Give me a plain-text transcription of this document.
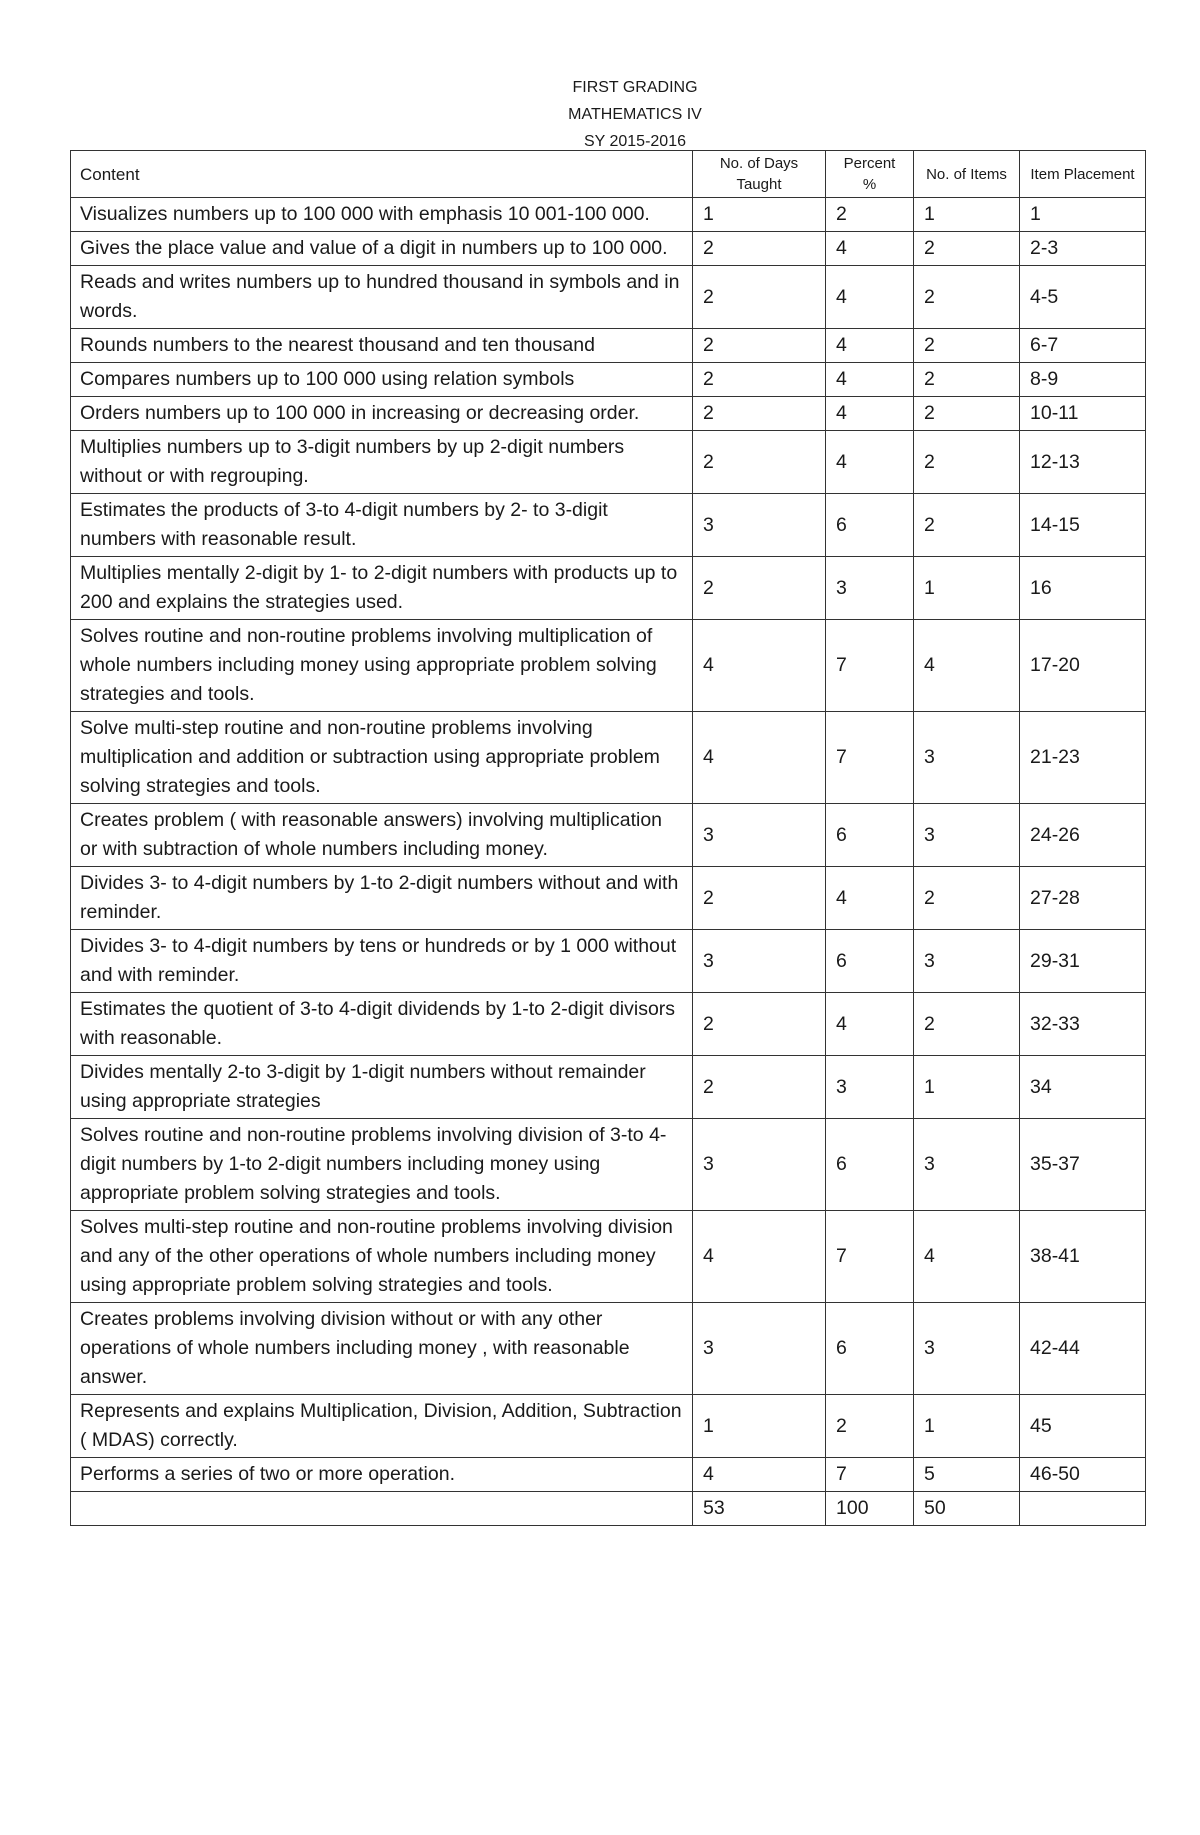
FIRST GRADING
MATHEMATICS IV
SY 2015-2016
Content	No. of Days Taught	Percent %	No. of Items	Item Placement
Visualizes numbers up to 100 000 with emphasis 10 001-100 000.	1	2	1	1
Gives the place value and value of a digit in numbers up to 100 000.	2	4	2	2-3
Reads and writes numbers up to hundred thousand in symbols and in words.	2	4	2	4-5
Rounds numbers to the nearest thousand and ten thousand	2	4	2	6-7
Compares numbers up to 100 000 using relation symbols	2	4	2	8-9
Orders numbers up to 100 000 in increasing or decreasing order.	2	4	2	10-11
Multiplies numbers up to 3-digit numbers by up 2-digit numbers without or with regrouping.	2	4	2	12-13
Estimates the products of 3-to 4-digit numbers by 2- to 3-digit numbers with reasonable result.	3	6	2	14-15
Multiplies mentally 2-digit by 1- to 2-digit numbers with products up to 200 and explains the strategies used.	2	3	1	16
Solves routine and non-routine problems involving multiplication of whole numbers including money using appropriate problem solving strategies and tools.	4	7	4	17-20
Solve multi-step routine and non-routine problems involving multiplication and addition or subtraction using appropriate problem solving strategies and tools.	4	7	3	21-23
Creates problem ( with reasonable answers) involving multiplication or with subtraction of whole numbers including money.	3	6	3	24-26
Divides 3- to 4-digit numbers by 1-to 2-digit numbers without and with reminder.	2	4	2	27-28
Divides 3- to 4-digit numbers by tens or hundreds or by 1 000 without and with reminder.	3	6	3	29-31
Estimates the quotient of 3-to 4-digit dividends by 1-to 2-digit divisors with reasonable.	2	4	2	32-33
Divides mentally 2-to 3-digit by 1-digit numbers without remainder using appropriate strategies	2	3	1	34
Solves routine and non-routine problems involving division of 3-to 4-digit numbers by 1-to 2-digit numbers including money using appropriate problem solving strategies and tools.	3	6	3	35-37
Solves multi-step routine and non-routine problems involving division and any of the other operations of whole numbers including money using appropriate problem solving strategies and tools.	4	7	4	38-41
Creates problems involving division without or with any other operations of whole numbers including money , with reasonable answer.	3	6	3	42-44
Represents and explains Multiplication, Division, Addition, Subtraction ( MDAS) correctly.	1	2	1	45
Performs a series of two or more operation.	4	7	5	46-50
	53	100	50	
